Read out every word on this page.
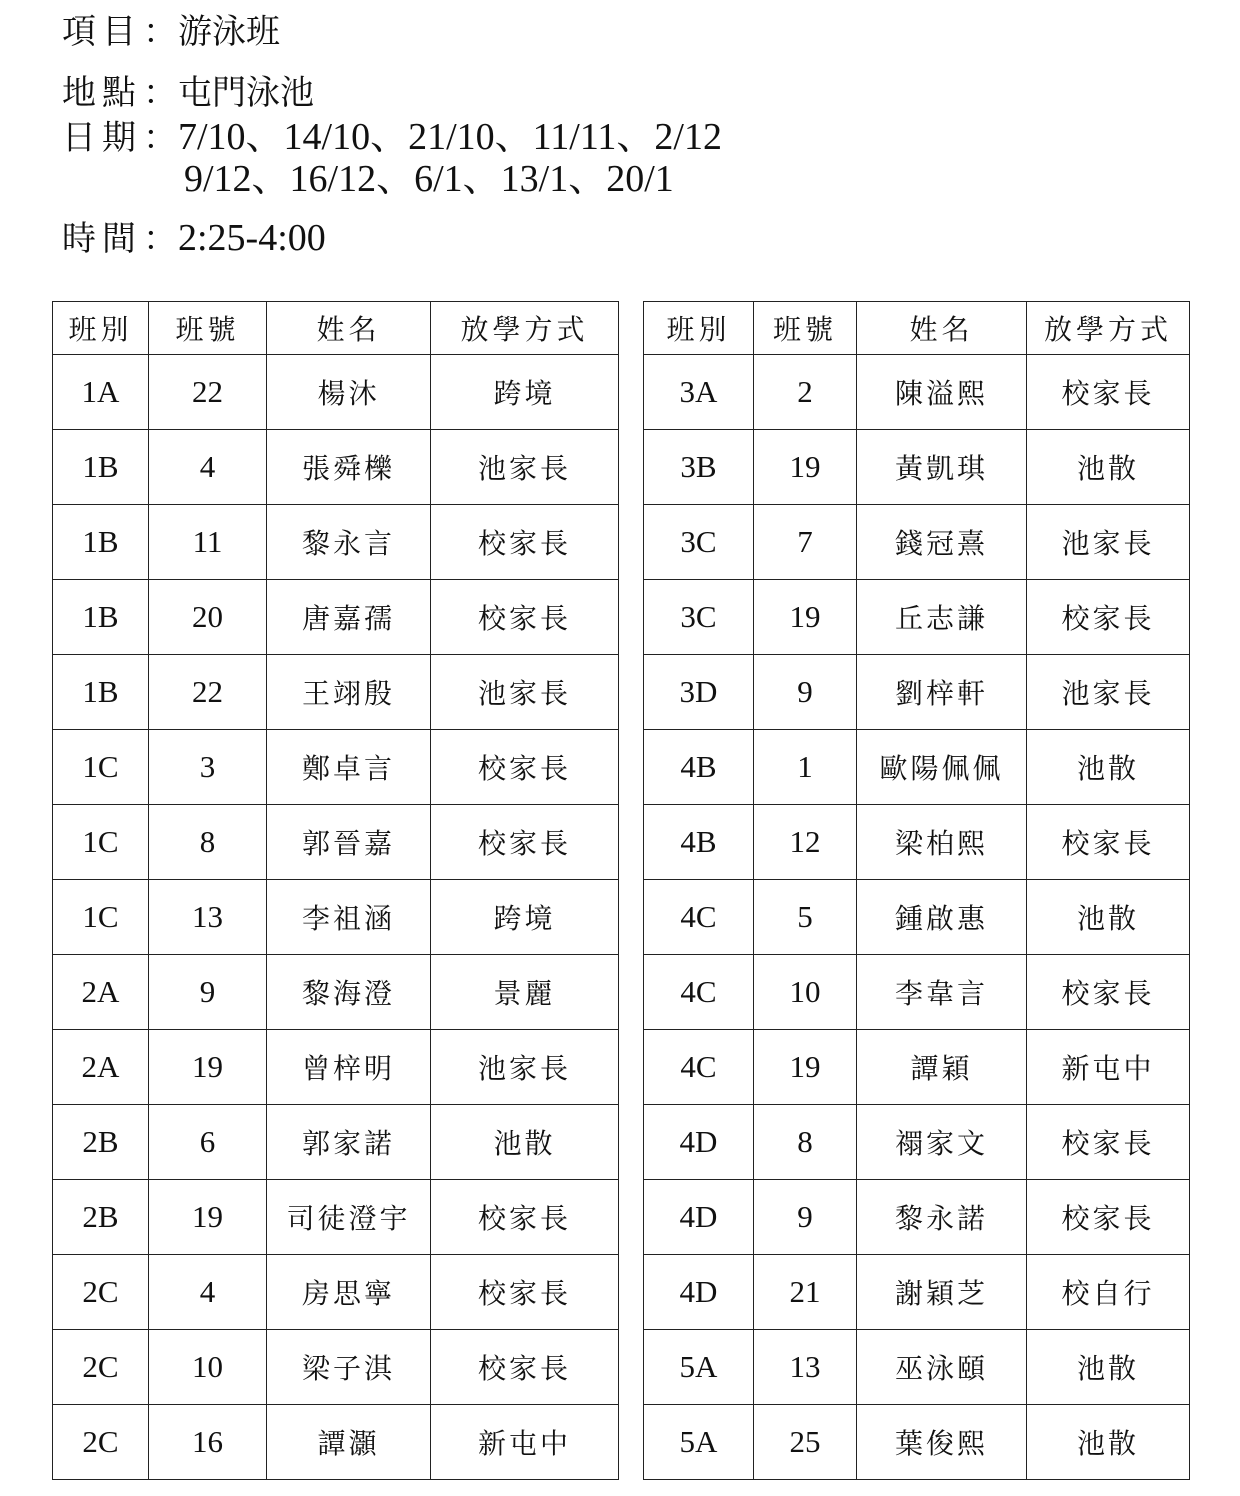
項目：游泳班
地點：屯門泳池
日期：7/10、14/10、21/10、11/11、2/12
9/12、16/12、6/1、13/1、20/1
時間：2:25-4:00
班別	班號	姓名	放學方式
1A	22	楊沐	跨境
1B	4	張舜櫟	池家長
1B	11	黎永言	校家長
1B	20	唐嘉孺	校家長
1B	22	王翊殷	池家長
1C	3	鄭卓言	校家長
1C	8	郭晉嘉	校家長
1C	13	李祖涵	跨境
2A	9	黎海澄	景麗
2A	19	曾梓明	池家長
2B	6	郭家諾	池散
2B	19	司徒澄宇	校家長
2C	4	房思寧	校家長
2C	10	梁子淇	校家長
2C	16	譚灝	新屯中
班別	班號	姓名	放學方式
3A	2	陳溢熙	校家長
3B	19	黃凱琪	池散
3C	7	錢冠熹	池家長
3C	19	丘志謙	校家長
3D	9	劉梓軒	池家長
4B	1	歐陽佩佩	池散
4B	12	梁柏熙	校家長
4C	5	鍾啟惠	池散
4C	10	李韋言	校家長
4C	19	譚穎	新屯中
4D	8	禤家文	校家長
4D	9	黎永諾	校家長
4D	21	謝穎芝	校自行
5A	13	巫泳頤	池散
5A	25	葉俊熙	池散
